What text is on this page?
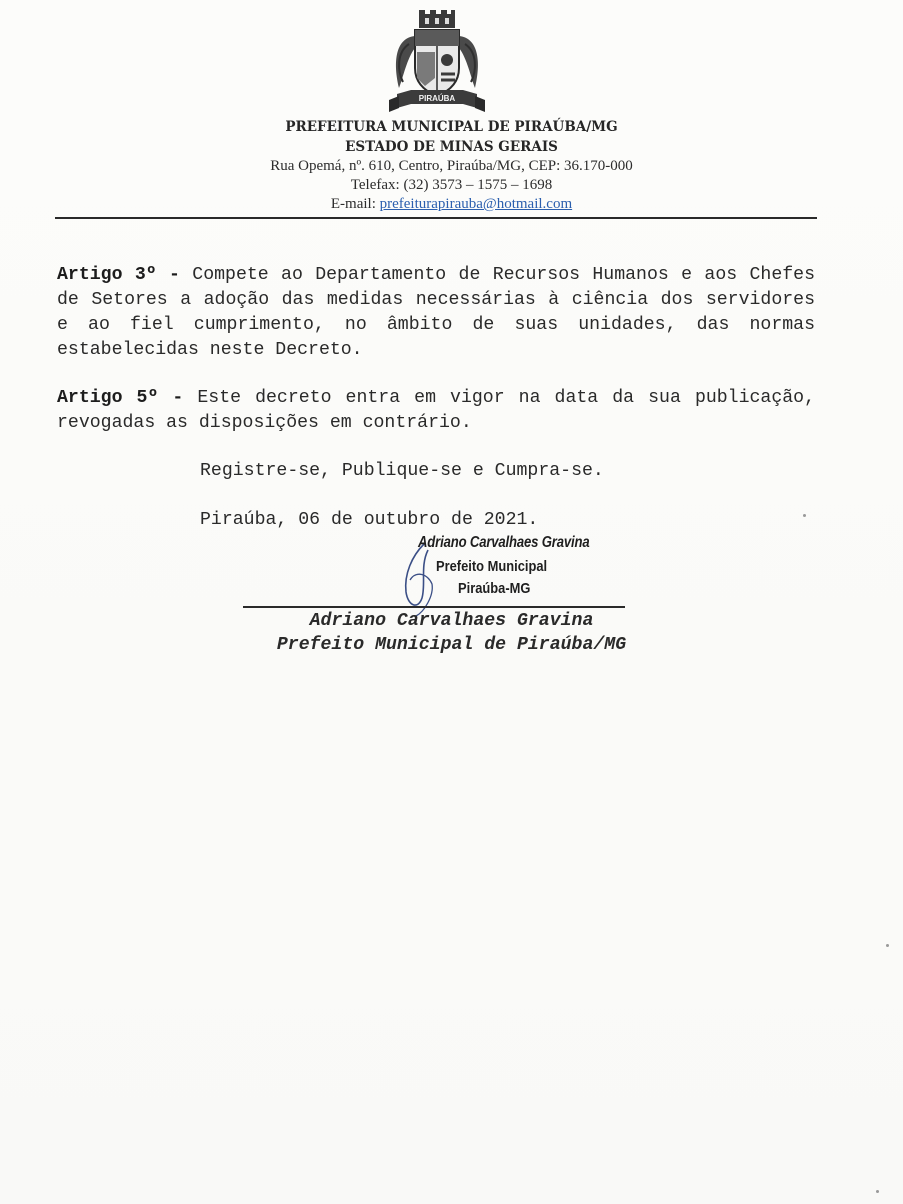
PIRAÚBA
PREFEITURA MUNICIPAL DE PIRAÚBA/MG
ESTADO DE MINAS GERAIS
Rua Opemá, nº. 610, Centro, Piraúba/MG, CEP: 36.170-000
Telefax: (32) 3573 – 1575 – 1698
E-mail: prefeiturapirauba@hotmail.com
Artigo 3º - Compete ao Departamento de Recursos Humanos e aos Chefes de Setores a adoção das medidas necessárias à ciência dos servidores e ao fiel cumprimento, no âmbito de suas unidades, das normas estabelecidas neste Decreto.
Artigo 5º - Este decreto entra em vigor na data da sua publicação, revogadas as disposições em contrário.
Registre-se, Publique-se e Cumpra-se.
Piraúba, 06 de outubro de 2021.
Adriano Carvalhaes Gravina
Prefeito Municipal
Piraúba-MG
Adriano Carvalhaes Gravina
Prefeito Municipal de Piraúba/MG
